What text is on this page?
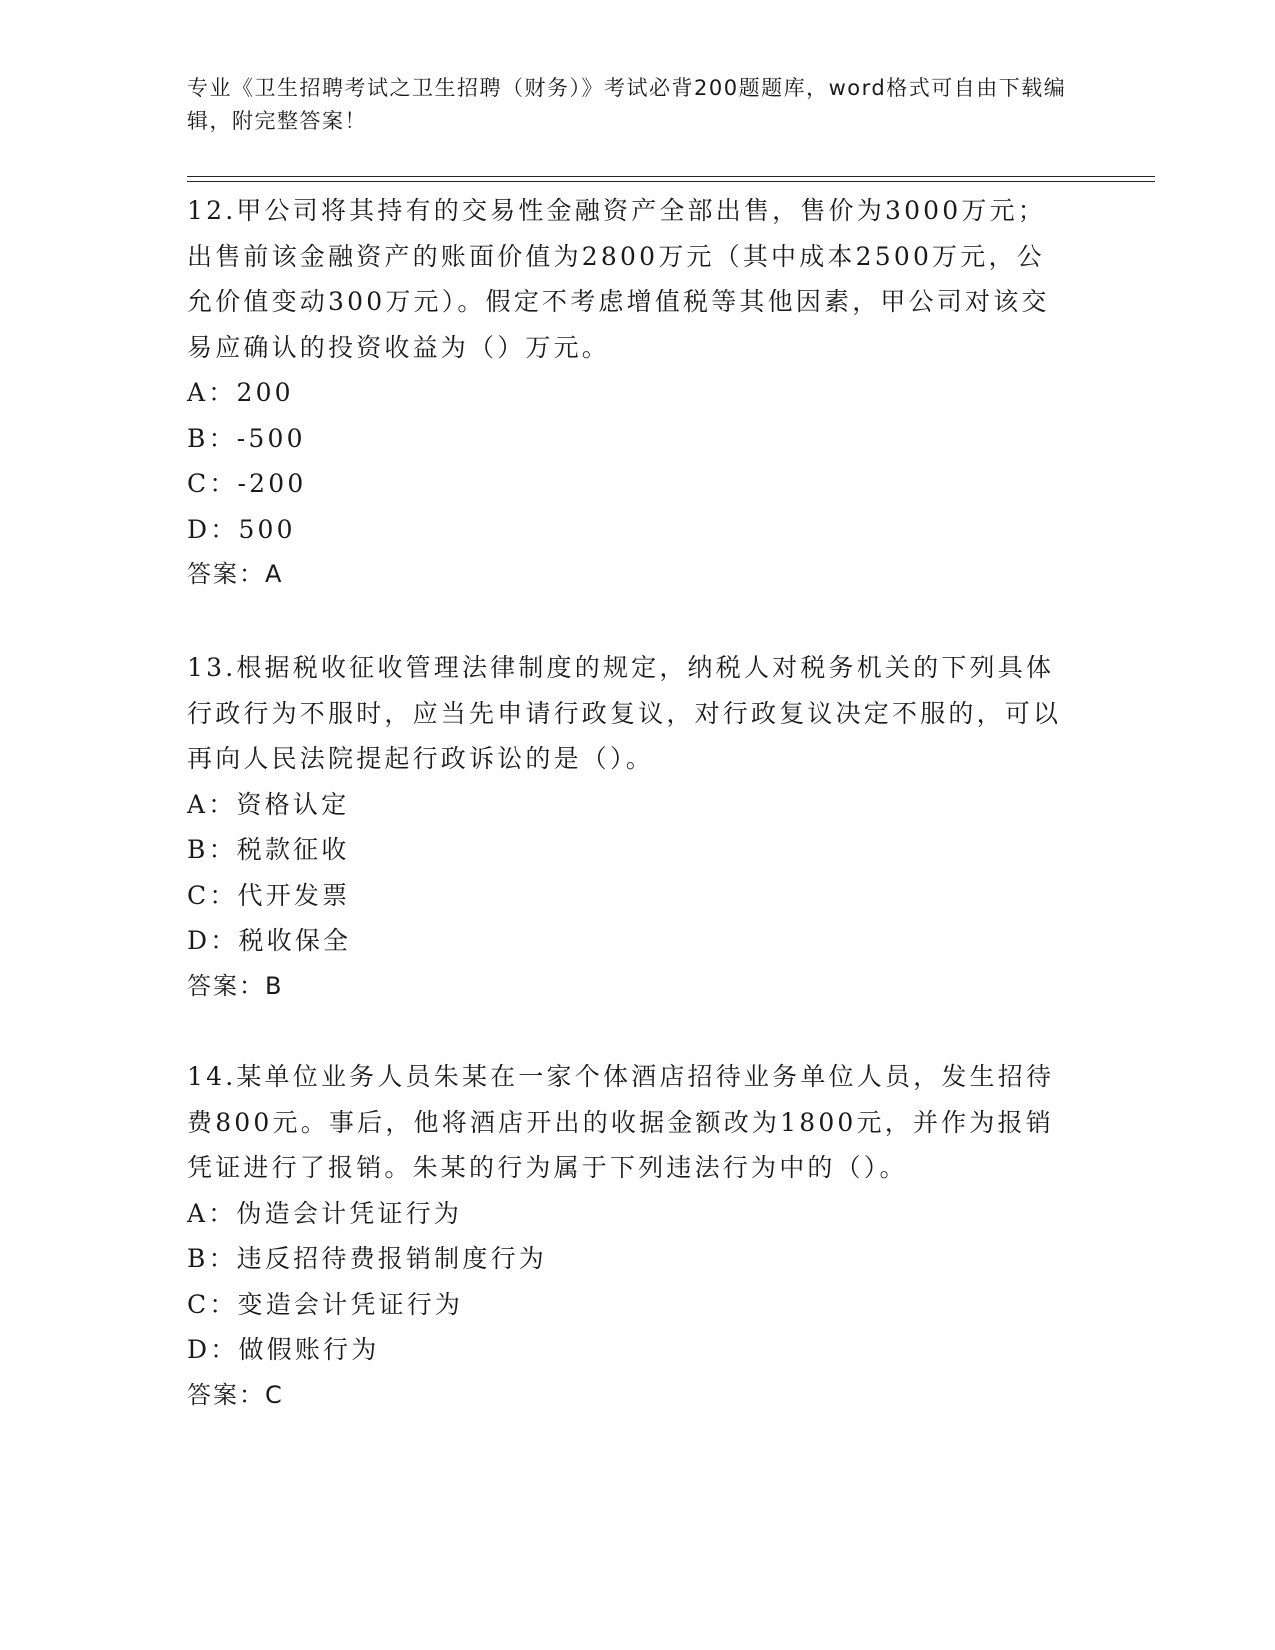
专业《卫生招聘考试之卫生招聘（财务）》考试必背200题题库，word格式可自由下载编辑，附完整答案！

12.甲公司将其持有的交易性金融资产全部出售，售价为3000万元；出售前该金融资产的账面价值为2800万元（其中成本2500万元，公允价值变动300万元）。假定不考虑增值税等其他因素，甲公司对该交易应确认的投资收益为（）万元。

A：200

B：-500

C：-200

D：500

答案：A

13.根据税收征收管理法律制度的规定，纳税人对税务机关的下列具体行政行为不服时，应当先申请行政复议，对行政复议决定不服的，可以再向人民法院提起行政诉讼的是（）。

A：资格认定

B：税款征收

C：代开发票

D：税收保全

答案：B

14.某单位业务人员朱某在一家个体酒店招待业务单位人员，发生招待费800元。事后，他将酒店开出的收据金额改为1800元，并作为报销凭证进行了报销。朱某的行为属于下列违法行为中的（）。

A：伪造会计凭证行为

B：违反招待费报销制度行为

C：变造会计凭证行为

D：做假账行为

答案：C
